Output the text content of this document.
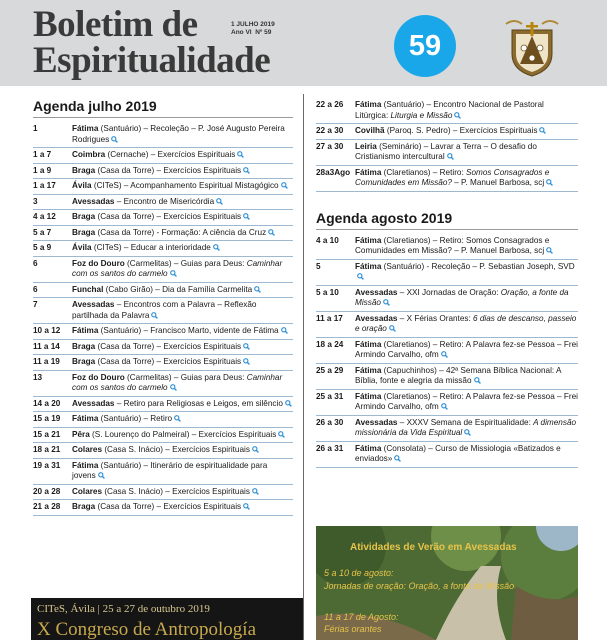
Boletim de
Espiritualidade
1 JULHO 2019
Ano VI Nº 59	59
Agenda julho 2019
1	Fátima (Santuário) – Recoleção – P. José Augusto Pereira Rodrigues
1 a 7	Coimbra (Cernache) – Exercícios Espirituais
1 a 9	Braga (Casa da Torre) – Exercícios Espirituais
1 a 17	Ávila (CITeS) – Acompanhamento Espiritual Mistagógico
3	Avessadas – Encontro de Misericórdia
4 a 12	Braga (Casa da Torre) – Exercícios Espirituais
5 a 7	Braga (Casa da Torre) - Formação: A ciência da Cruz
5 a 9	Ávila (CITeS) – Educar a interioridade
6	Foz do Douro (Carmelitas) – Guias para Deus: Caminhar com os santos do carmelo
6	Funchal (Cabo Girão) – Dia da Família Carmelita
7	Avessadas – Encontros com a Palavra – Reflexão partilhada da Palavra
10 a 12	Fátima (Santuário) – Francisco Marto, vidente de Fátima
11 a 14	Braga (Casa da Torre) – Exercícios Espirituais
11 a 19	Braga (Casa da Torre) – Exercícios Espirituais
13	Foz do Douro (Carmelitas) – Guias para Deus: Caminhar com os santos do carmelo
14 a 20	Avessadas – Retiro para Religiosas e Leigos, em silêncio
15 a 19	Fátima (Santuário) – Retiro
15 a 21	Pêra (S. Lourenço do Palmeiral) – Exercícios Espirituais
18 a 21	Colares (Casa S. Inácio) – Exercícios Espirituais
19 a 31	Fátima (Santuário) – Itinerário de espiritualidade para jovens
20 a 28	Colares (Casa S. Inácio) – Exercícios Espirituais
21 a 28	Braga (Casa da Torre) – Exercícios Espirituais
22 a 26	Fátima (Santuário) – Encontro Nacional de Pastoral Litúrgica: Liturgia e Missão
22 a 30	Covilhã (Paroq. S. Pedro) – Exercícios Espirituais
27 a 30	Leiria (Seminário) – Lavrar a Terra – O desafio do Cristianismo intercultural
28a3Ago Fátima (Claretianos) – Retiro: Somos Consagrados e Comunidades em Missão? – P. Manuel Barbosa, scj
Agenda agosto 2019
4 a 10	Fátima (Claretianos) – Retiro: Somos Consagrados e Comunidades em Missão? – P. Manuel Barbosa, scj
5	Fátima (Santuário) - Recoleção – P. Sebastian Joseph, SVD
5 a 10	Avessadas – XXI Jornadas de Oração: Oração, a fonte da Missão
11 a 17	Avessadas – X Férias Orantes: 6 dias de descanso, passeio e oração
18 a 24	Fátima (Claretianos) – Retiro: A Palavra fez-se Pessoa – Frei Armindo Carvalho, ofm
25 a 29	Fátima (Capuchinhos) – 42ª Semana Bíblica Nacional: A Bíblia, fonte e alegria da missão
25 a 31	Fátima (Claretianos) – Retiro: A Palavra fez-se Pessoa – Frei Armindo Carvalho, ofm
26 a 30	Avessadas – XXXV Semana de Espiritualidade: A dimensão missionária da Vida Espiritual
26 a 31	Fátima (Consolata) – Curso de Missiologia «Batizados e enviados»
CITeS, Ávila | 25 a 27 de outubro 2019
X Congreso de Antropología
Atividades de Verão em Avessadas
5 a 10 de agosto:
Jornadas de oração: Oração, a fonte da Missão
11 a 17 de Agosto:
Férias orantes
